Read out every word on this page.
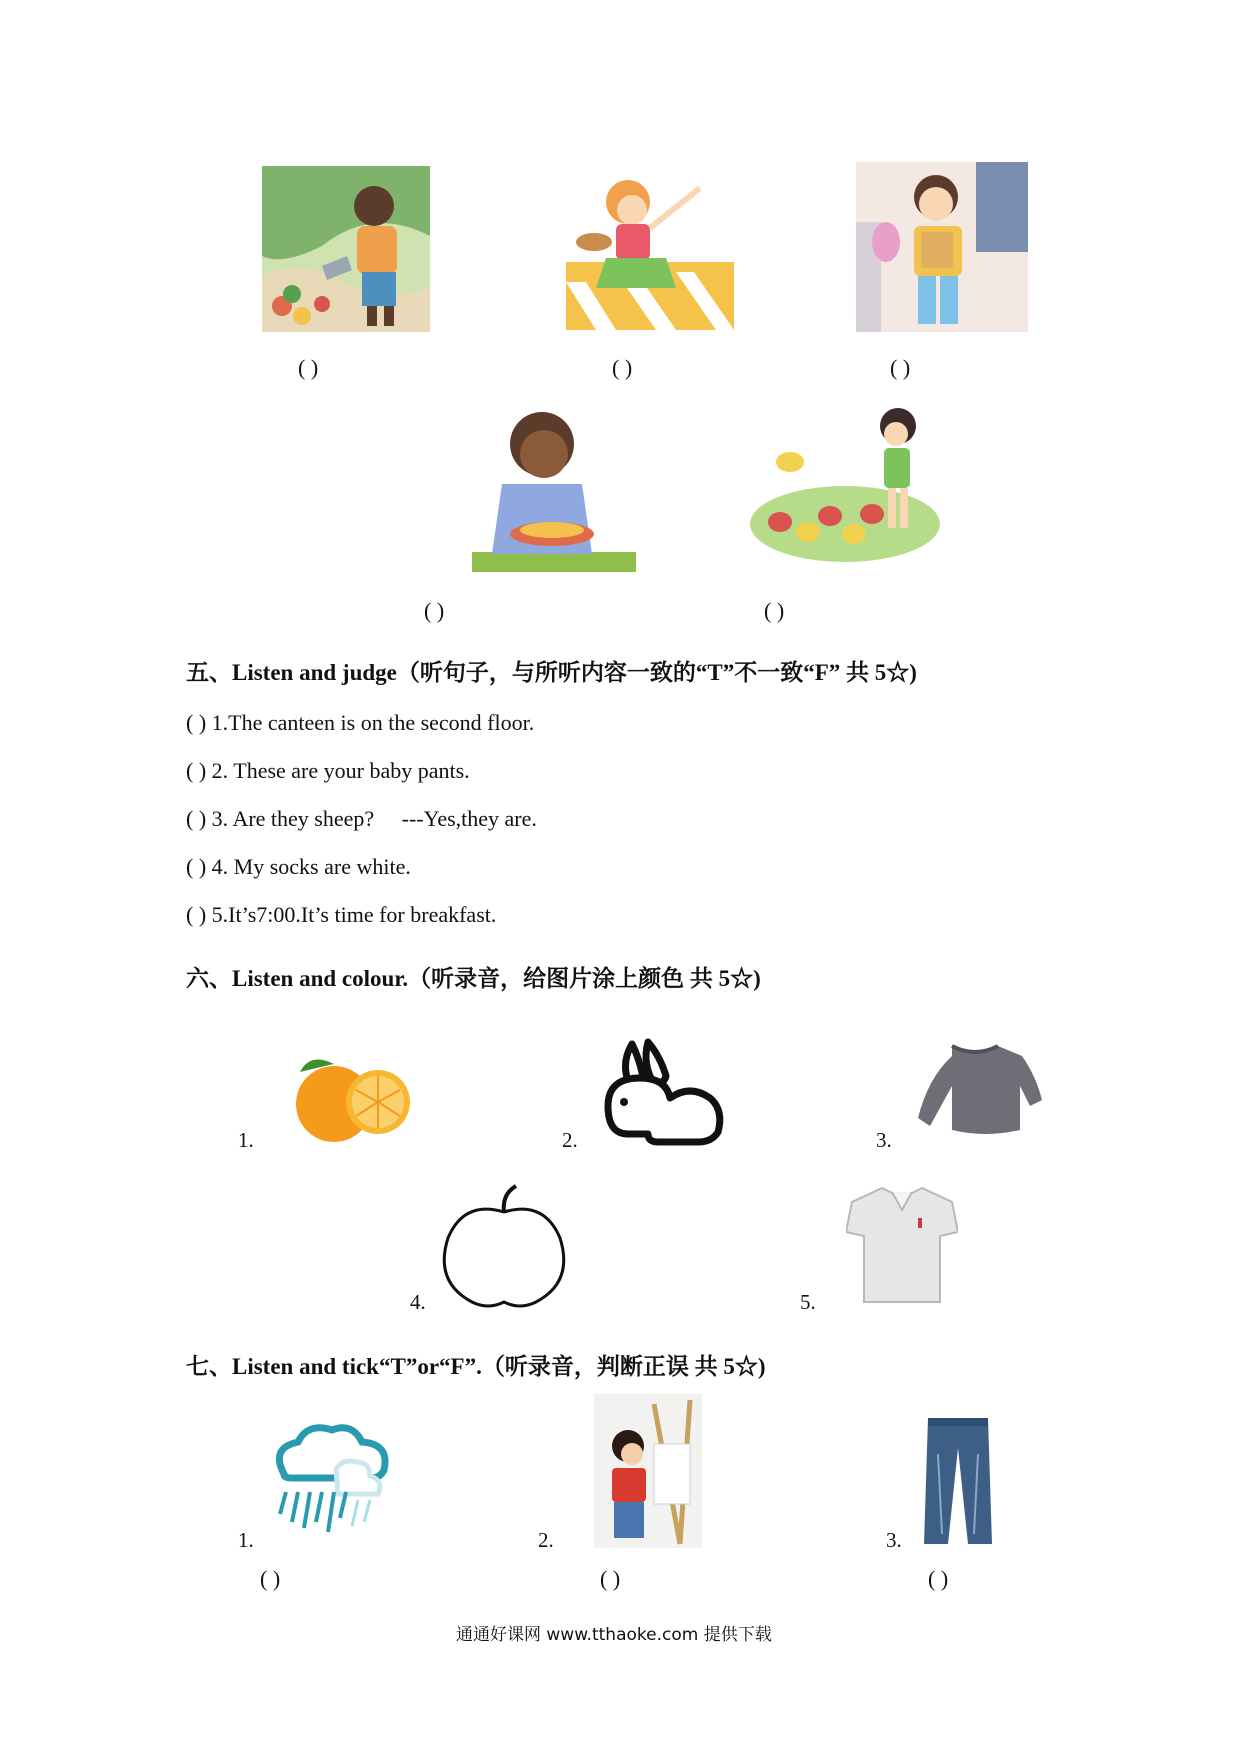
( )	( )	( )
( )	( )
五、Listen and judge（听句子，与所听内容一致的“T”不一致“F” 共 5☆)
( ) 1.The canteen is on the second floor.
( ) 2. These are your baby pants.
( ) 3. Are they sheep?     ---Yes,they are.
( ) 4. My socks are white.
( ) 5.It’s7:00.It’s time for breakfast.
六、Listen and colour.（听录音，给图片涂上颜色 共 5☆)
1.	2.	3.
4.	5.
七、Listen and tick“T”or“F”.（听录音，判断正误 共 5☆)
1.	2.	3.
( )	( )	( )
通通好课网 www.tthaoke.com 提供下载
